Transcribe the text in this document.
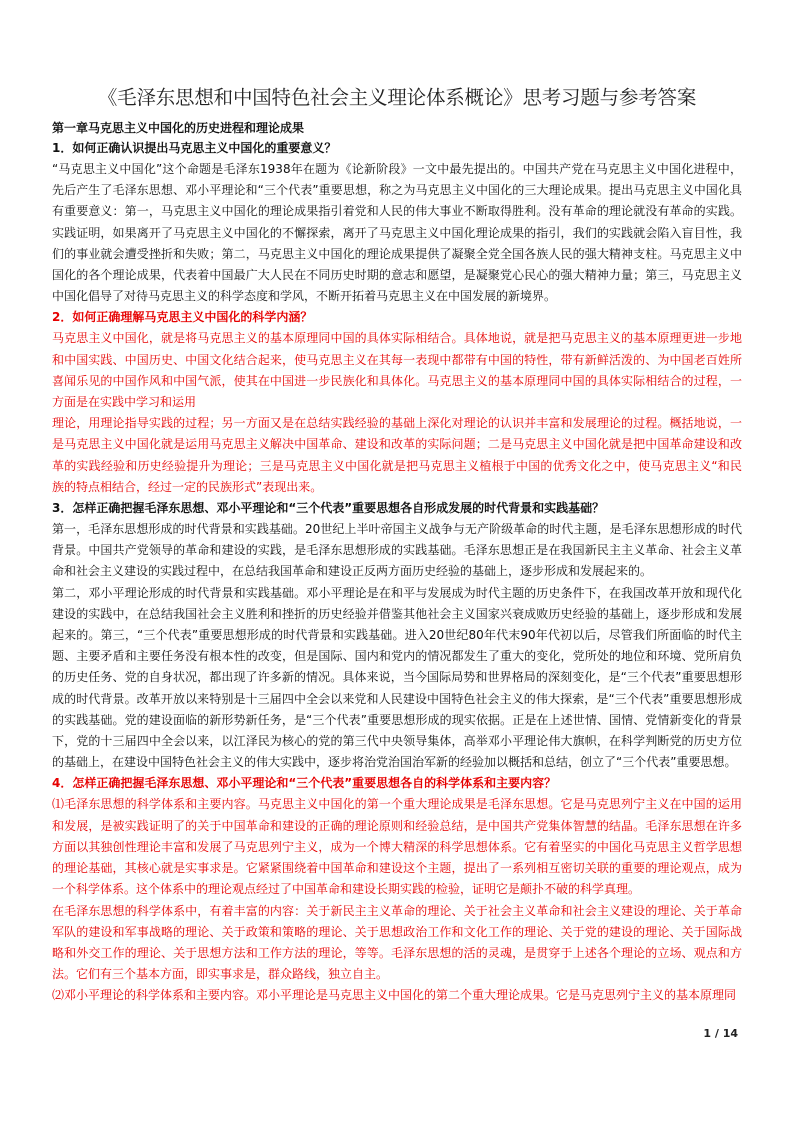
《毛泽东思想和中国特色社会主义理论体系概论》思考习题与参考答案

第一章马克思主义中国化的历史进程和理论成果

1．如何正确认识提出马克思主义中国化的重要意义？

“马克思主义中国化”这个命题是毛泽东1938年在题为《论新阶段》一文中最先提出的。中国共产党在马克思主义中国化进程中，先后产生了毛泽东思想、邓小平理论和“三个代表”重要思想，称之为马克思主义中国化的三大理论成果。提出马克思主义中国化具有重要意义：第一，马克思主义中国化的理论成果指引着党和人民的伟大事业不断取得胜利。没有革命的理论就没有革命的实践。实践证明，如果离开了马克思主义中国化的不懈探索，离开了马克思主义中国化理论成果的指引，我们的实践就会陷入盲目性，我们的事业就会遭受挫折和失败；第二，马克思主义中国化的理论成果提供了凝聚全党全国各族人民的强大精神支柱。马克思主义中国化的各个理论成果，代表着中国最广大人民在不同历史时期的意志和愿望，是凝聚党心民心的强大精神力量；第三，马克思主义中国化倡导了对待马克思主义的科学态度和学风，不断开拓着马克思主义在中国发展的新境界。

2．如何正确理解马克思主义中国化的科学内涵？

马克思主义中国化，就是将马克思主义的基本原理同中国的具体实际相结合。具体地说，就是把马克思主义的基本原理更进一步地和中国实践、中国历史、中国文化结合起来，使马克思主义在其每一表现中都带有中国的特性，带有新鲜活泼的、为中国老百姓所喜闻乐见的中国作风和中国气派，使其在中国进一步民族化和具体化。马克思主义的基本原理同中国的具体实际相结合的过程，一方面是在实践中学习和运用

理论，用理论指导实践的过程；另一方面又是在总结实践经验的基础上深化对理论的认识并丰富和发展理论的过程。概括地说，一是马克思主义中国化就是运用马克思主义解决中国革命、建设和改革的实际问题；二是马克思主义中国化就是把中国革命建设和改革的实践经验和历史经验提升为理论；三是马克思主义中国化就是把马克思主义植根于中国的优秀文化之中，使马克思主义“和民族的特点相结合，经过一定的民族形式”表现出来。

3．怎样正确把握毛泽东思想、邓小平理论和“三个代表”重要思想各自形成发展的时代背景和实践基础？

第一，毛泽东思想形成的时代背景和实践基础。20世纪上半叶帝国主义战争与无产阶级革命的时代主题，是毛泽东思想形成的时代背景。中国共产党领导的革命和建设的实践，是毛泽东思想形成的实践基础。毛泽东思想正是在我国新民主主义革命、社会主义革命和社会主义建设的实践过程中，在总结我国革命和建设正反两方面历史经验的基础上，逐步形成和发展起来的。

第二，邓小平理论形成的时代背景和实践基础。邓小平理论是在和平与发展成为时代主题的历史条件下，在我国改革开放和现代化建设的实践中，在总结我国社会主义胜利和挫折的历史经验并借鉴其他社会主义国家兴衰成败历史经验的基础上，逐步形成和发展起来的。第三，“三个代表”重要思想形成的时代背景和实践基础。进入20世纪80年代末90年代初以后，尽管我们所面临的时代主题、主要矛盾和主要任务没有根本性的改变，但是国际、国内和党内的情况都发生了重大的变化，党所处的地位和环境、党所肩负的历史任务、党的自身状况，都出现了许多新的情况。具体来说，当今国际局势和世界格局的深刻变化，是“三个代表”重要思想形成的时代背景。改革开放以来特别是十三届四中全会以来党和人民建设中国特色社会主义的伟大探索，是“三个代表”重要思想形成的实践基础。党的建设面临的新形势新任务，是“三个代表”重要思想形成的现实依据。正是在上述世情、国情、党情新变化的背景下，党的十三届四中全会以来，以江泽民为核心的党的第三代中央领导集体，高举邓小平理论伟大旗帜，在科学判断党的历史方位的基础上，在建设中国特色社会主义的伟大实践中，逐步将治党治国治军新的经验加以概括和总结，创立了“三个代表”重要思想。

4．怎样正确把握毛泽东思想、邓小平理论和“三个代表”重要思想各自的科学体系和主要内容？

⑴毛泽东思想的科学体系和主要内容。马克思主义中国化的第一个重大理论成果是毛泽东思想。它是马克思列宁主义在中国的运用和发展，是被实践证明了的关于中国革命和建设的正确的理论原则和经验总结，是中国共产党集体智慧的结晶。毛泽东思想在许多方面以其独创性理论丰富和发展了马克思列宁主义，成为一个博大精深的科学思想体系。它有着坚实的中国化马克思主义哲学思想的理论基础，其核心就是实事求是。它紧紧围绕着中国革命和建设这个主题，提出了一系列相互密切关联的重要的理论观点，成为一个科学体系。这个体系中的理论观点经过了中国革命和建设长期实践的检验，证明它是颠扑不破的科学真理。

在毛泽东思想的科学体系中，有着丰富的内容：关于新民主主义革命的理论、关于社会主义革命和社会主义建设的理论、关于革命军队的建设和军事战略的理论、关于政策和策略的理论、关于思想政治工作和文化工作的理论、关于党的建设的理论、关于国际战略和外交工作的理论、关于思想方法和工作方法的理论，等等。毛泽东思想的活的灵魂，是贯穿于上述各个理论的立场、观点和方法。它们有三个基本方面，即实事求是，群众路线，独立自主。

⑵邓小平理论的科学体系和主要内容。邓小平理论是马克思主义中国化的第二个重大理论成果。它是马克思列宁主义的基本原理同

1 / 14
